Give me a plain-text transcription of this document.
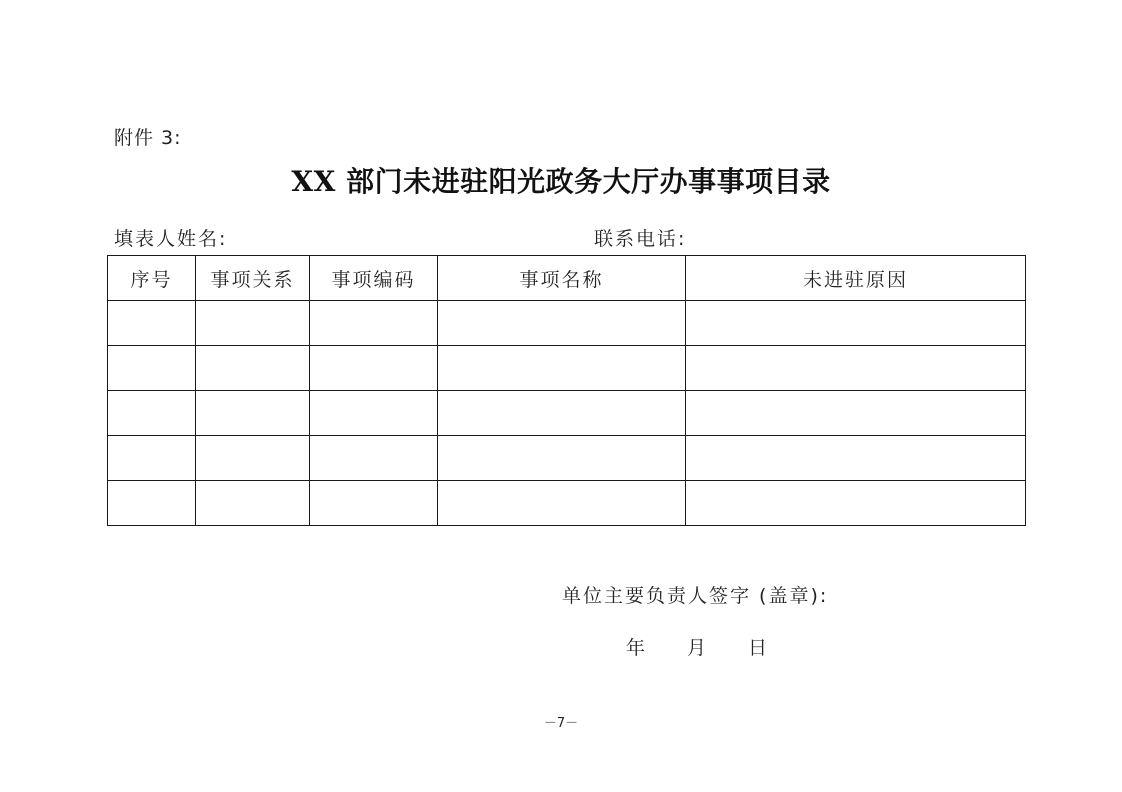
附件 3:
XX 部门未进驻阳光政务大厅办事事项目录
填表人姓名:	联系电话:
序号	事项关系	事项编码	事项名称	未进驻原因

单位主要负责人签字 (盖章):
年 月 日
－7－
